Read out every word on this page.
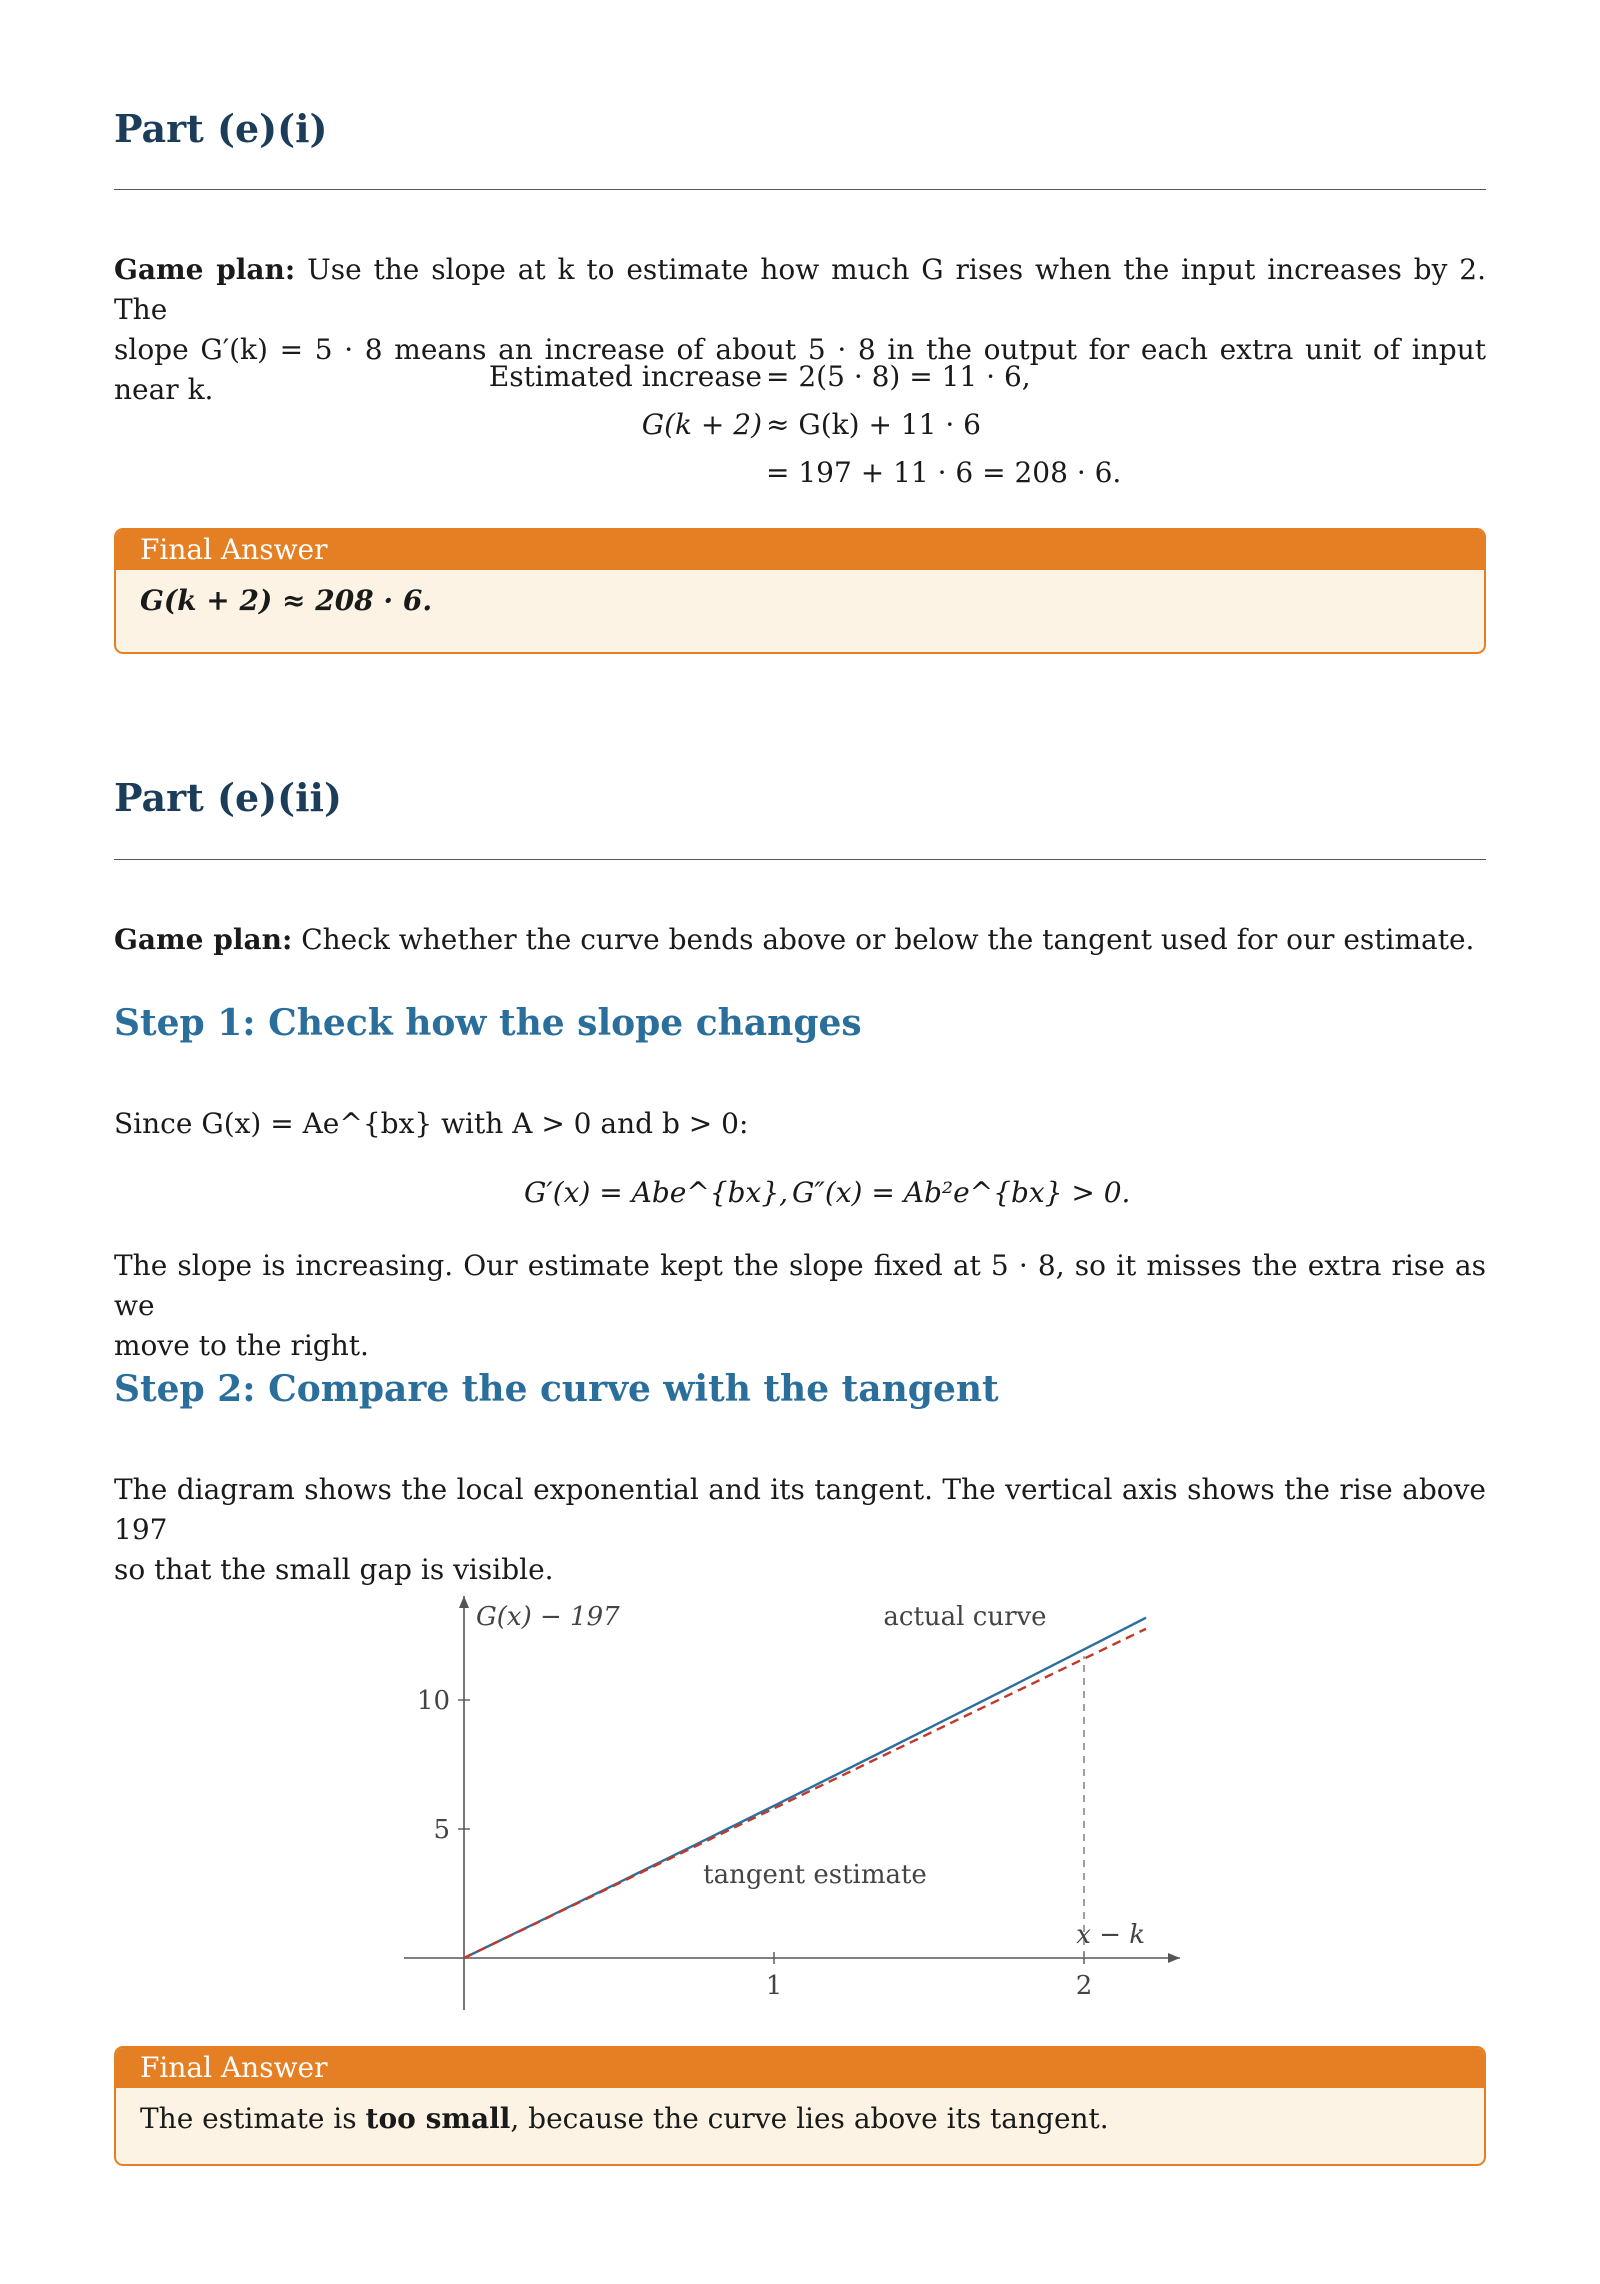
Part (e)(i)
Game plan: Use the slope at k to estimate how much G rises when the input increases by 2. The
slope G′(k) = 5 · 8 means an increase of about 5 · 8 in the output for each extra unit of input near k.	Estimated increase = 2(5 · 8) = 11 · 6,
G(k + 2) ≈ G(k) + 11 · 6
= 197 + 11 · 6 = 208 · 6.
Final Answer
G(k + 2) ≈ 208 · 6.
Part (e)(ii)
Game plan: Check whether the curve bends above or below the tangent used for our estimate.
Step 1: Check how the slope changes
Since G(x) = Ae^{bx} with A > 0 and b > 0:
G′(x) = Abe^{bx}, G″(x) = Ab²e^{bx} > 0.
The slope is increasing. Our estimate kept the slope fixed at 5 · 8, so it misses the extra rise as we
move to the right.
Step 2: Compare the curve with the tangent
The diagram shows the local exponential and its tangent. The vertical axis shows the rise above 197
so that the small gap is visible.
1	2
5
10
actual curve
tangent estimate
G(x) − 197
x − k
Final Answer
The estimate is too small, because the curve lies above its tangent.
